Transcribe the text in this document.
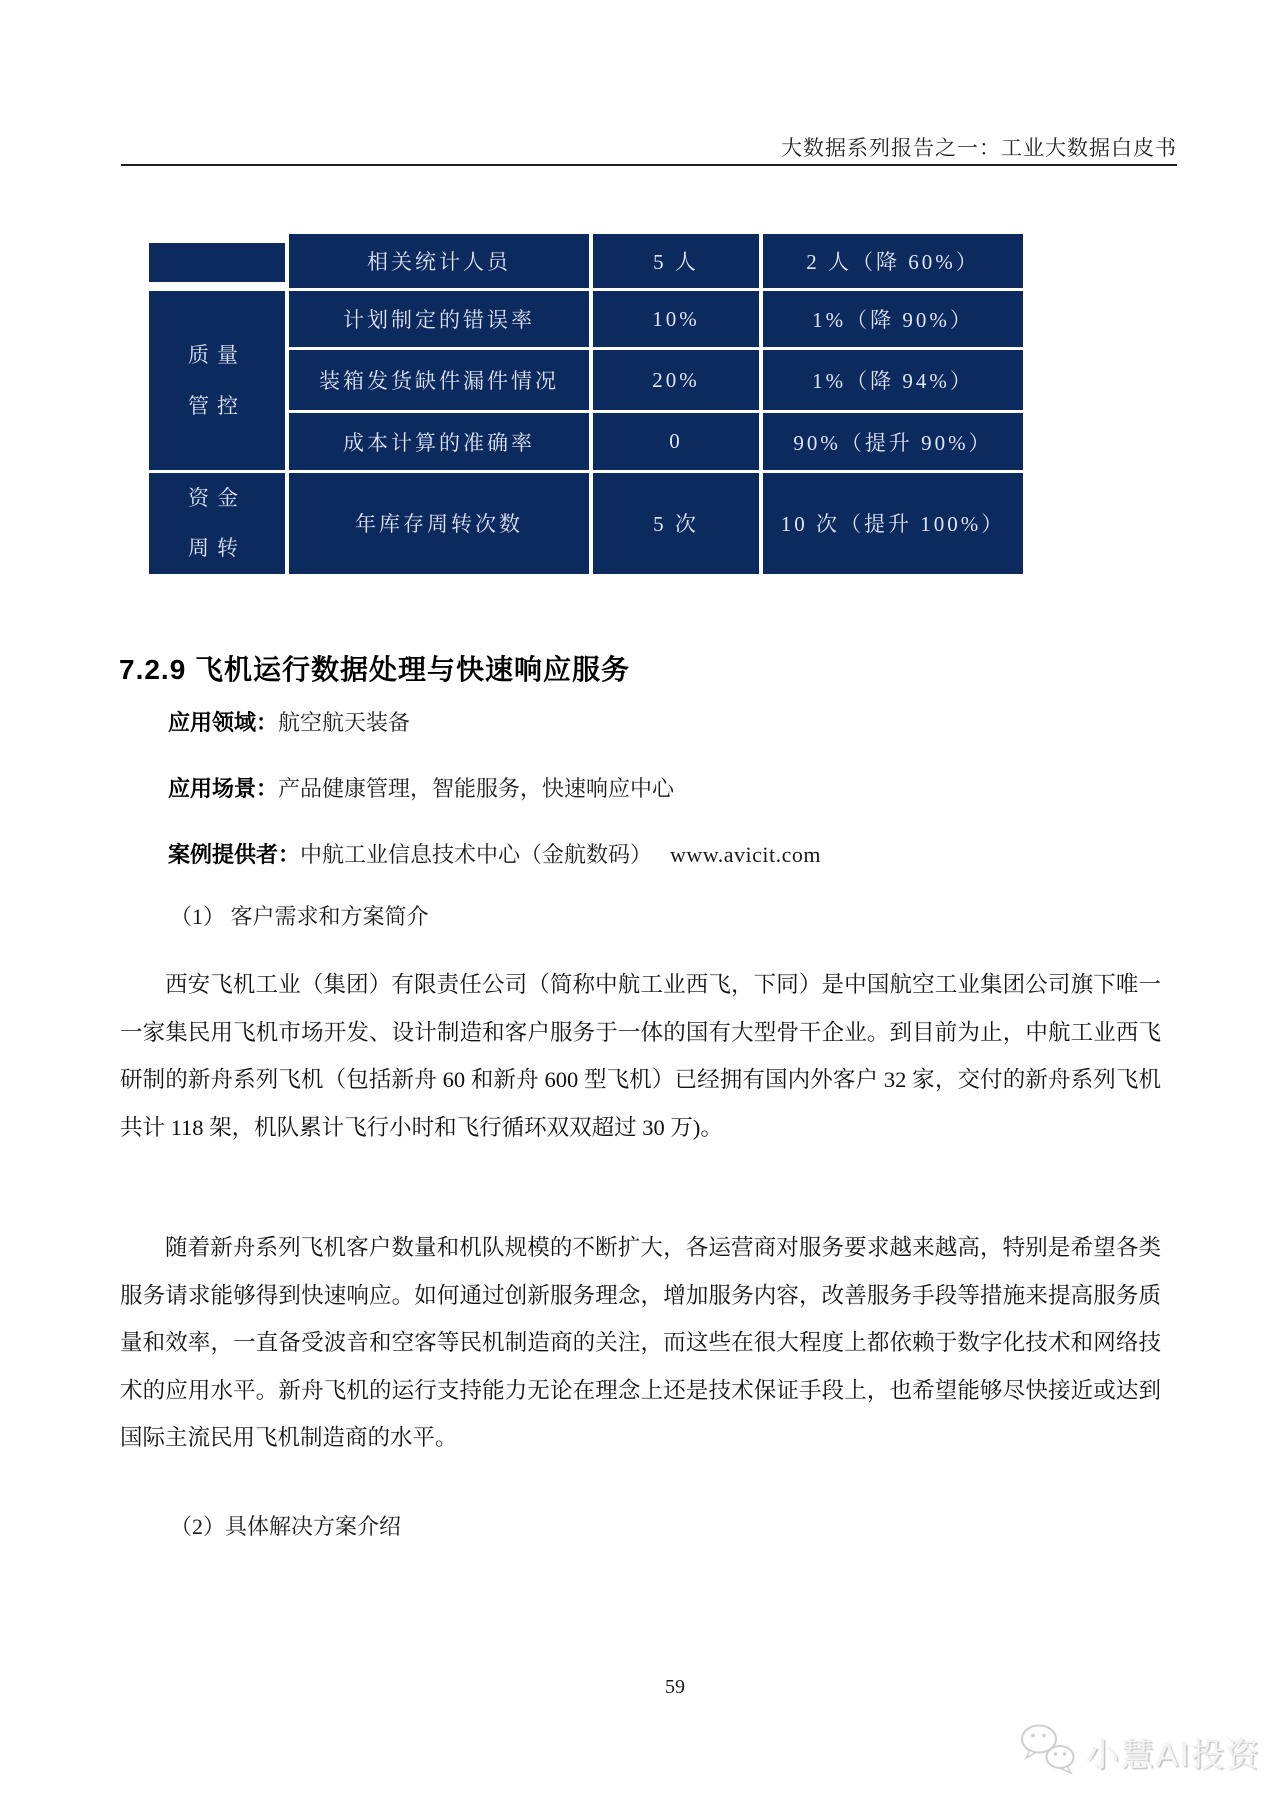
大数据系列报告之一：工业大数据白皮书
	相关统计人员	5 人	2 人（降 60%）
质量管控	计划制定的错误率	10%	1%（降 90%）
	装箱发货缺件漏件情况	20%	1%（降 94%）
	成本计算的准确率	0	90%（提升 90%）
资金周转	年库存周转次数	5 次	10 次（提升 100%）
7.2.9 飞机运行数据处理与快速响应服务
应用领域：航空航天装备
应用场景：产品健康管理，智能服务，快速响应中心
案例提供者：中航工业信息技术中心（金航数码） www.avicit.com
（1） 客户需求和方案简介
西安飞机工业（集团）有限责任公司（简称中航工业西飞，下同）是中国航空工业集团公司旗下唯一一家集民用飞机市场开发、设计制造和客户服务于一体的国有大型骨干企业。到目前为止，中航工业西飞研制的新舟系列飞机（包括新舟 60 和新舟 600 型飞机）已经拥有国内外客户 32 家，交付的新舟系列飞机共计 118 架，机队累计飞行小时和飞行循环双双超过 30 万)。
随着新舟系列飞机客户数量和机队规模的不断扩大，各运营商对服务要求越来越高，特别是希望各类服务请求能够得到快速响应。如何通过创新服务理念，增加服务内容，改善服务手段等措施来提高服务质量和效率，一直备受波音和空客等民机制造商的关注，而这些在很大程度上都依赖于数字化技术和网络技术的应用水平。新舟飞机的运行支持能力无论在理念上还是技术保证手段上，也希望能够尽快接近或达到国际主流民用飞机制造商的水平。
（2）具体解决方案介绍
59
小慧AI投资
